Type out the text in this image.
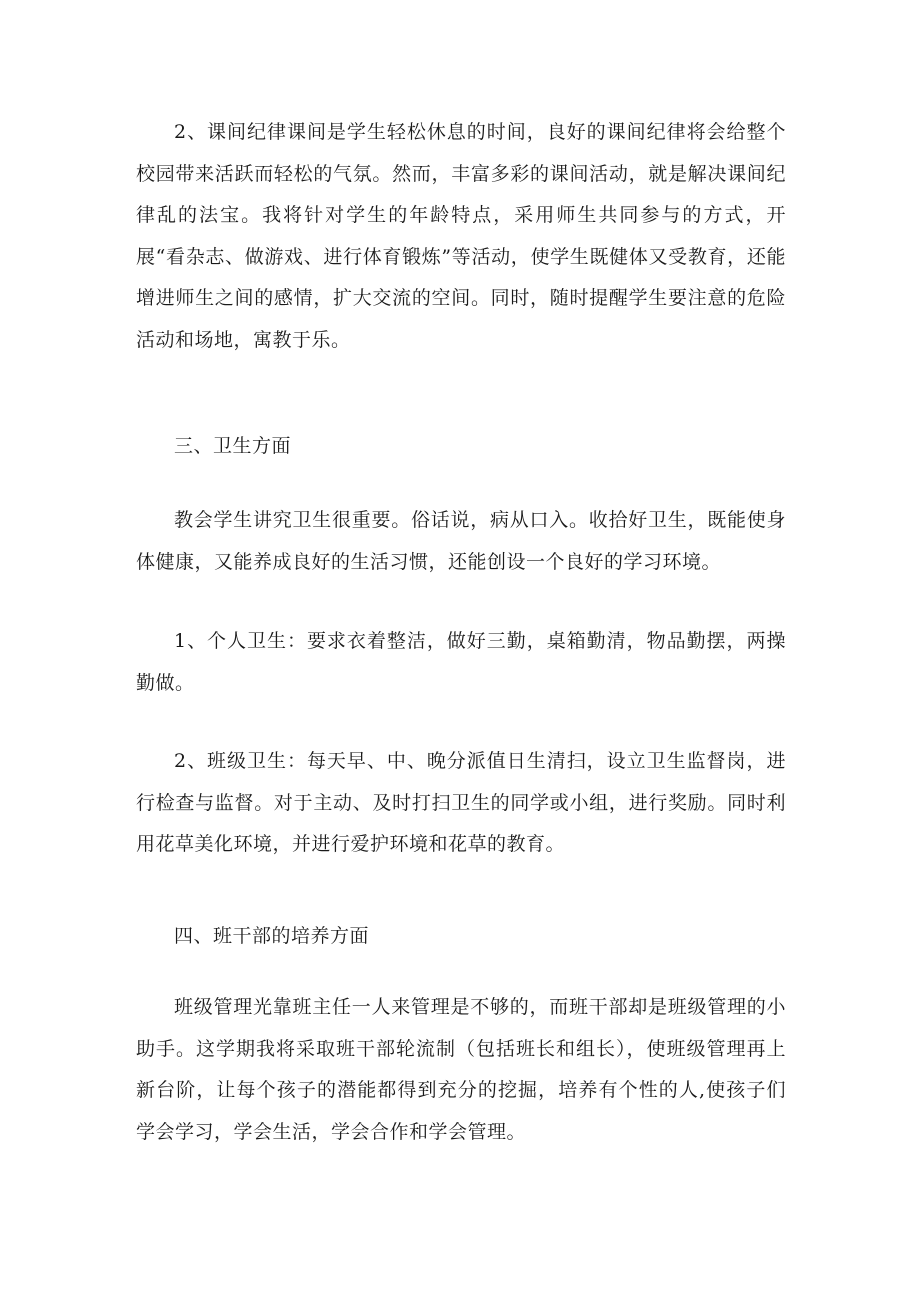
2、课间纪律课间是学生轻松休息的时间，良好的课间纪律将会给整个校园带来活跃而轻松的气氛。然而，丰富多彩的课间活动，就是解决课间纪律乱的法宝。我将针对学生的年龄特点，采用师生共同参与的方式，开展“看杂志、做游戏、进行体育锻炼”等活动，使学生既健体又受教育，还能增进师生之间的感情，扩大交流的空间。同时，随时提醒学生要注意的危险活动和场地，寓教于乐。

三、卫生方面

教会学生讲究卫生很重要。俗话说，病从口入。收拾好卫生，既能使身体健康，又能养成良好的生活习惯，还能创设一个良好的学习环境。

1、个人卫生：要求衣着整洁，做好三勤，桌箱勤清，物品勤摆，两操勤做。

2、班级卫生：每天早、中、晚分派值日生清扫，设立卫生监督岗，进行检查与监督。对于主动、及时打扫卫生的同学或小组，进行奖励。同时利用花草美化环境，并进行爱护环境和花草的教育。

四、班干部的培养方面

班级管理光靠班主任一人来管理是不够的，而班干部却是班级管理的小助手。这学期我将采取班干部轮流制（包括班长和组长），使班级管理再上新台阶，让每个孩子的潜能都得到充分的挖掘，培养有个性的人,使孩子们学会学习，学会生活，学会合作和学会管理。
